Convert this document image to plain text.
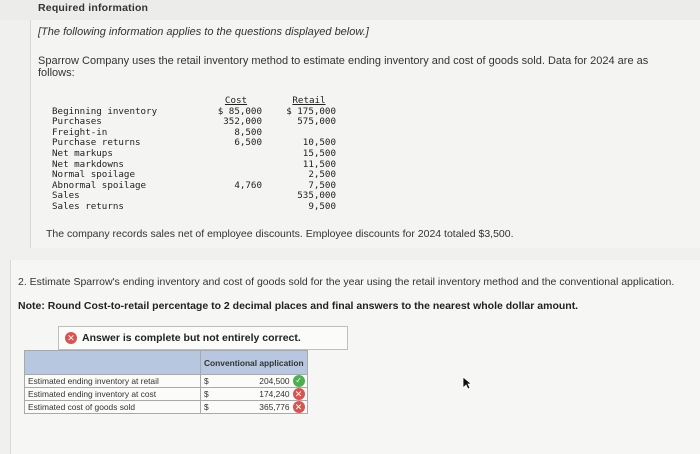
Required information
[The following information applies to the questions displayed below.]
Sparrow Company uses the retail inventory method to estimate ending inventory and cost of goods sold. Data for 2024 are as follows:
	Cost		Retail
Beginning inventory	$ 85,000		$ 175,000
Purchases	352,000		575,000
Freight-in	8,500		
Purchase returns	6,500		10,500
Net markups			15,500
Net markdowns			11,500
Normal spoilage			2,500
Abnormal spoilage	4,760		7,500
Sales			535,000
Sales returns			9,500
The company records sales net of employee discounts. Employee discounts for 2024 totaled $3,500.
2. Estimate Sparrow's ending inventory and cost of goods sold for the year using the retail inventory method and the conventional application.
Note: Round Cost-to-retail percentage to 2 decimal places and final answers to the nearest whole dollar amount.
✕ Answer is complete but not entirely correct.
	Conventional application	
Estimated ending inventory at retail	$	204,500 ✓

Estimated ending inventory at cost	$	174,240 ✕

Estimated cost of goods sold	$	365,776 ✕
